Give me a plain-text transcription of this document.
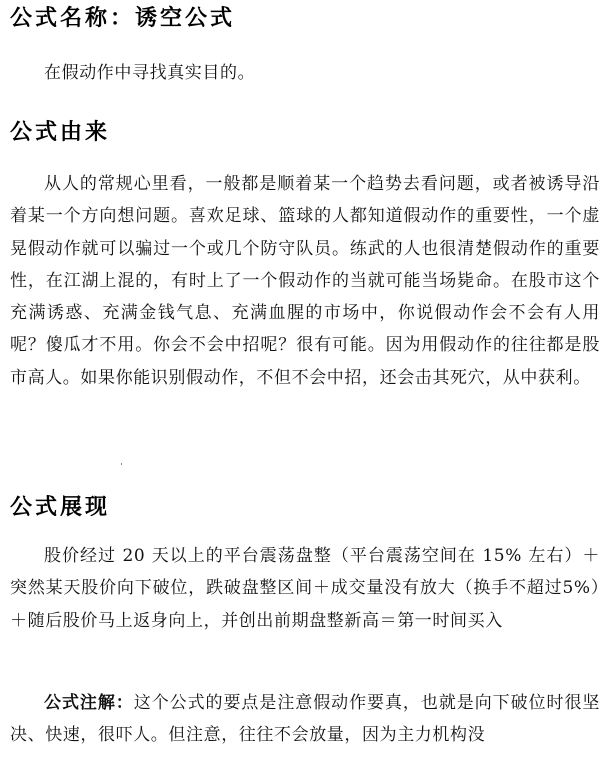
公式名称：诱空公式

在假动作中寻找真实目的。

公式由来

从人的常规心里看，一般都是顺着某一个趋势去看问题，或者被诱导沿着某一个方向想问题。喜欢足球、篮球的人都知道假动作的重要性，一个虚晃假动作就可以骗过一个或几个防守队员。练武的人也很清楚假动作的重要性，在江湖上混的，有时上了一个假动作的当就可能当场毙命。在股市这个充满诱惑、充满金钱气息、充满血腥的市场中，你说假动作会不会有人用呢？傻瓜才不用。你会不会中招呢？很有可能。因为用假动作的往往都是股市高人。如果你能识别假动作，不但不会中招，还会击其死穴，从中获利。

公式展现

股价经过 20 天以上的平台震荡盘整（平台震荡空间在 15% 左右）＋突然某天股价向下破位，跌破盘整区间＋成交量没有放大（换手不超过5%）＋随后股价马上返身向上，并创出前期盘整新高＝第一时间买入

公式注解：这个公式的要点是注意假动作要真，也就是向下破位时很坚决、快速，很吓人。但注意，往往不会放量，因为主力机构没
